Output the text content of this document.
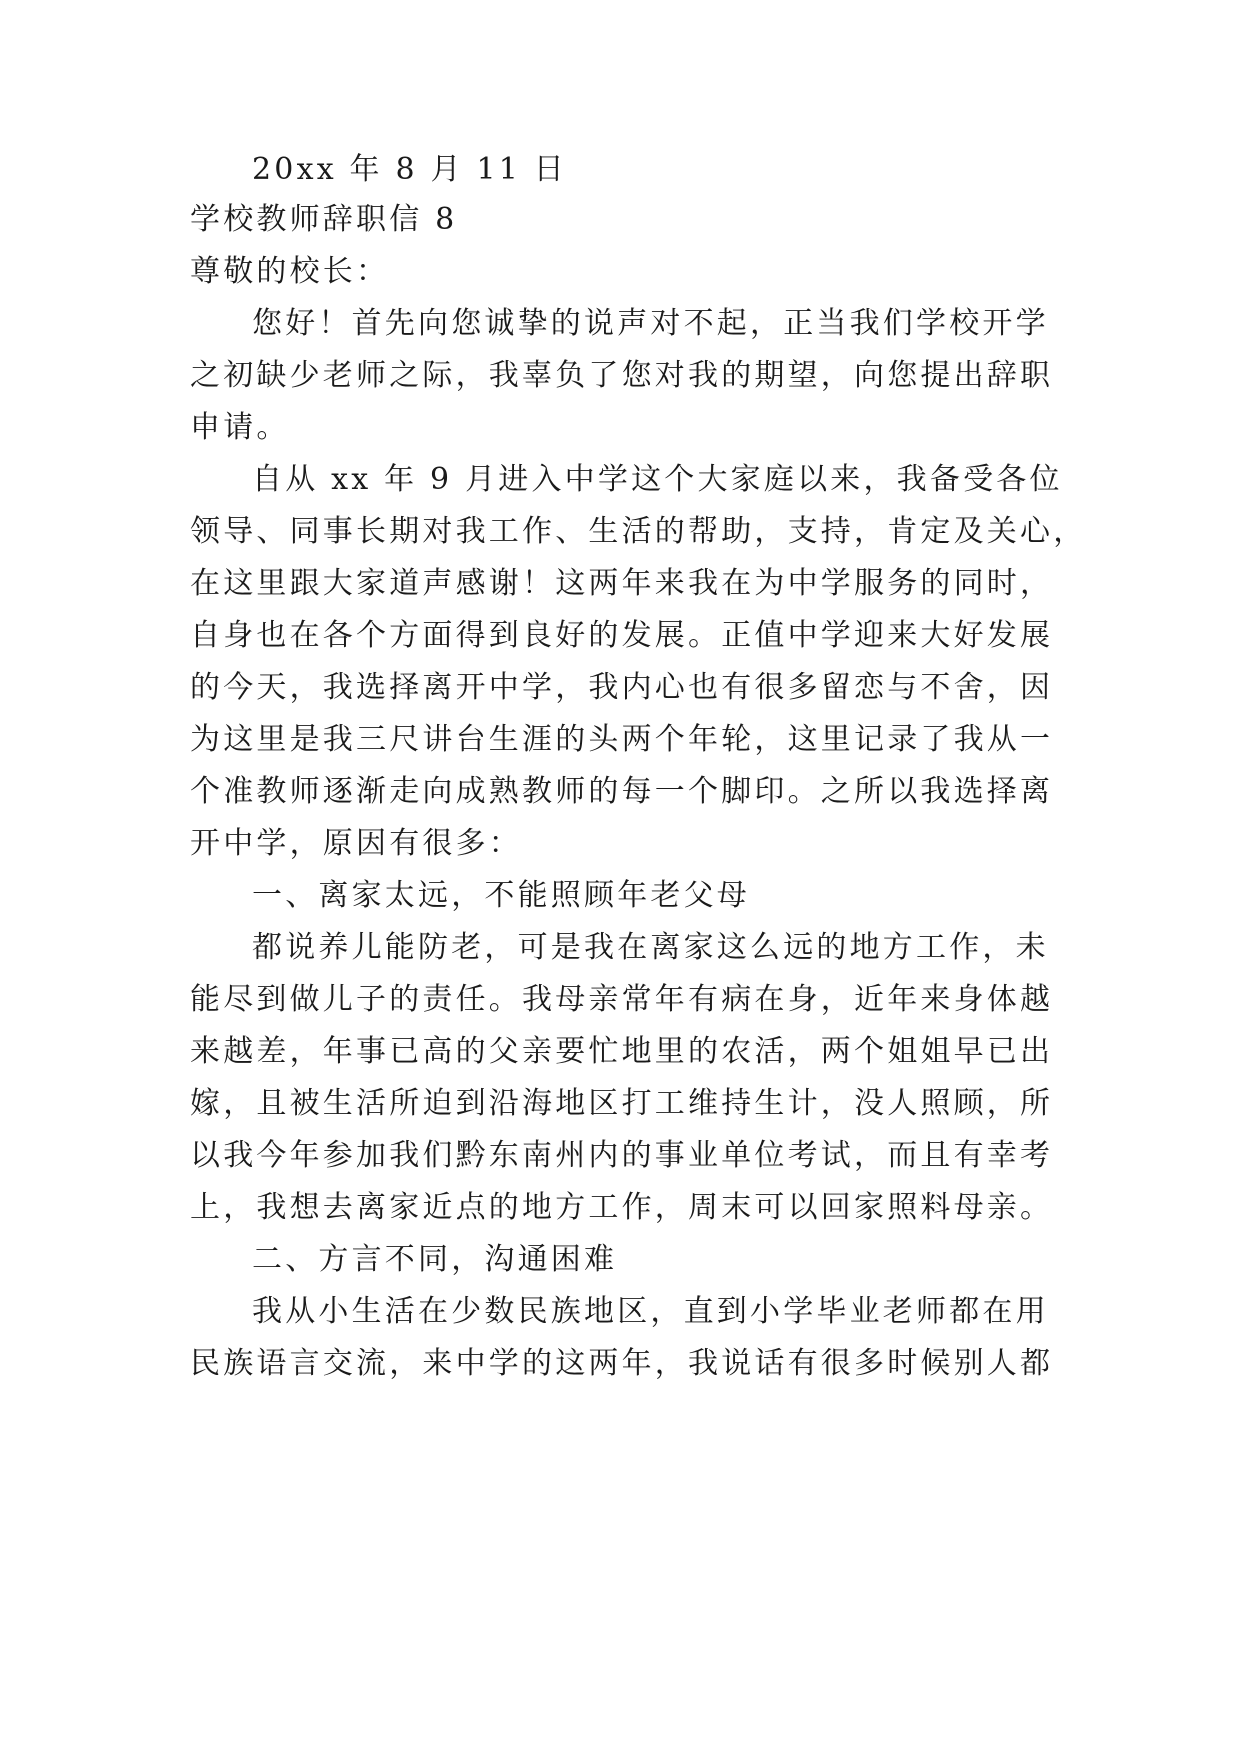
20xx 年 8 月 11 日

学校教师辞职信 8

尊敬的校长：

您好！首先向您诚挚的说声对不起，正当我们学校开学

之初缺少老师之际，我辜负了您对我的期望，向您提出辞职

申请。

自从 xx 年 9 月进入中学这个大家庭以来，我备受各位

领导、同事长期对我工作、生活的帮助，支持，肯定及关心，

在这里跟大家道声感谢！这两年来我在为中学服务的同时，

自身也在各个方面得到良好的发展。正值中学迎来大好发展

的今天，我选择离开中学，我内心也有很多留恋与不舍，因

为这里是我三尺讲台生涯的头两个年轮，这里记录了我从一

个准教师逐渐走向成熟教师的每一个脚印。之所以我选择离

开中学，原因有很多：

一、离家太远，不能照顾年老父母

都说养儿能防老，可是我在离家这么远的地方工作，未

能尽到做儿子的责任。我母亲常年有病在身，近年来身体越

来越差，年事已高的父亲要忙地里的农活，两个姐姐早已出

嫁，且被生活所迫到沿海地区打工维持生计，没人照顾，所

以我今年参加我们黔东南州内的事业单位考试，而且有幸考

上，我想去离家近点的地方工作，周末可以回家照料母亲。

二、方言不同，沟通困难

我从小生活在少数民族地区，直到小学毕业老师都在用

民族语言交流，来中学的这两年，我说话有很多时候别人都
